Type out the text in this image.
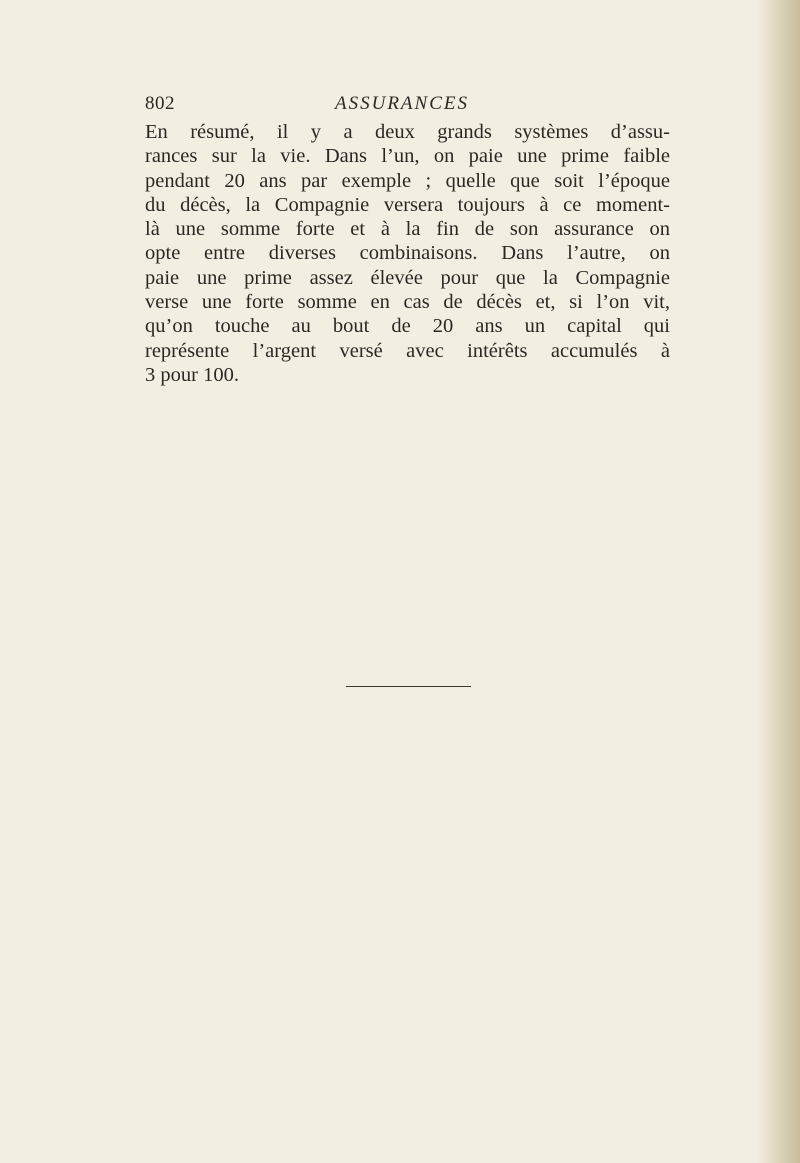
802	ASSURANCES
En résumé, il y a deux grands systèmes d’assu-
rances sur la vie. Dans l’un, on paie une prime faible
pendant 20 ans par exemple ; quelle que soit l’époque
du décès, la Compagnie versera toujours à ce moment-
là une somme forte et à la fin de son assurance on
opte entre diverses combinaisons. Dans l’autre, on
paie une prime assez élevée pour que la Compagnie
verse une forte somme en cas de décès et, si l’on vit,
qu’on touche au bout de 20 ans un capital qui
représente l’argent versé avec intérêts accumulés à
3 pour 100.
